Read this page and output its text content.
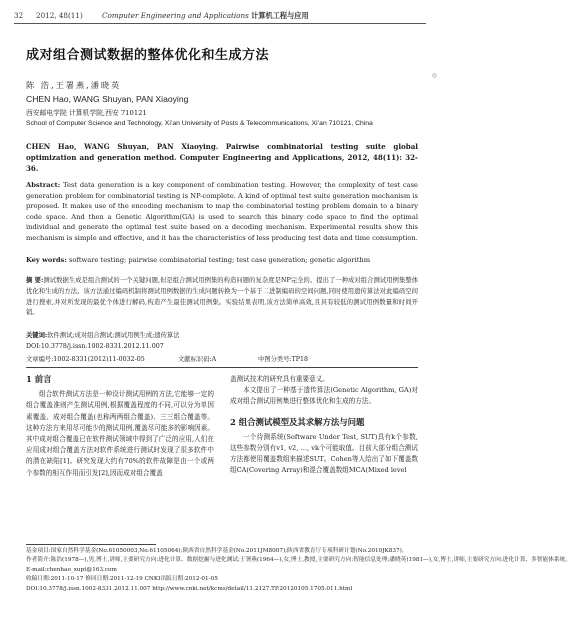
32 2012, 48(11)	Computer Engineering and Applications 计算机工程与应用
◎
成对组合测试数据的整体优化和生成方法
陈 浩,王署燕,潘晓英
CHEN Hao, WANG Shuyan, PAN Xiaoying
西安邮电学院 计算机学院,西安 710121
School of Computer Science and Technology, Xi’an University of Posts & Telecommunications, Xi’an 710121, China
CHEN Hao, WANG Shuyan, PAN Xiaoying. Pairwise combinatorial testing suite global optimization and generation method. Computer Engineering and Applications, 2012, 48(11): 32-36.
Abstract: Test data generation is a key component of combination testing. However, the complexity of test case generation problem for combinatorial testing is NP-complete. A kind of optimal test suite generation mechanism is proposed. It makes use of the encoding mechanism to map the combinatorial testing problem domain to a binary code space. And then a Genetic Algorithm(GA) is used to search this binary code space to find the optimal individual and generate the optimal test suite based on a decoding mechanism. Experimental results show this mechanism is simple and effective, and it has the characteristics of less producing test data and time consumption.
Key words: software testing; pairwise combinatorial testing; test case generation; genetic algorithm
摘 要:测试数据生成是组合测试的一个关键问题,但是组合测试用例集的构造问题的复杂度是NP完全的。提出了一种成对组合测试用例集整体优化和生成的方法。该方法通过编码机制将测试用例数据的生成问题转换为一个基于二进制编码的空间问题,同时使用遗传算法对此编码空间进行搜索,并对所发现的最优个体进行解码,构造产生最佳测试用例集。实验结果表明,该方法简单高效,且具有较低的测试用例数量和时间开销。
关键词:软件测试;成对组合测试;测试用例生成;遗传算法
DOI:10.3778/j.issn.1002-8331.2012.11.007
文章编号:1002-8331(2012)11-0032-05	文献标识码:A	中图分类号:TP18
1 前言

组合软件测试方法是一种设计测试用例的方法,它能够一定的组合覆盖准则产生测试用例,根据覆盖程度的不同,可以分为单因素覆盖、成对组合覆盖(也称两两组合覆盖)、三三组合覆盖等。这种方法方来用尽可能少的测试用例,覆盖尽可能多的影响因素。其中成对组合覆盖已在软件测试领域中得到了广泛的应用,人们在应用成对组合覆盖方法对软件系统进行测试时发现了很多软件中的潜在缺陷[1]。研究发现大约有70%的软件故障是由一个或两个参数的相互作用而引发[2],因而成对组合覆盖

盖测试技术的研究具有重要意义。

本文提出了一种基于遗传算法(Genetic Algorithm, GA)对成对组合测试用例集进行整体优化和生成的方法。

2 组合测试模型及其求解方法与问题

一个待测系统(Software Under Test, SUT)具有k个参数,这些参数分别有v1, v2, …, vk个可能取值。目前大部分组合测试方法都使用覆盖数组来描述SUT。Cohen等人给出了如下覆盖数组CA(Covering Array)和混合覆盖数组MCA(Mixed level

基金项目:国家自然科学基金(No.61050003,No.61105064);陕西省自然科学基金(No.2011JM8007);陕西省教育厅专项科研计划(No.2010JK837)。
作者简介:陈浩(1978—),男,博士,讲师,主要研究方向:进化计算、数据挖掘与进化测试;王署燕(1964—),女,博士,教授,主要研究方向:智能信息处理;潘晓英(1981—),女,博士,讲师,主要研究方向:进化计算、多智能体系统。
E-mail:chenhao_xupt@163.com
收稿日期:2011-10-17 修回日期:2011-12-19 CNKI出版日期:2012-01-05
DOI:10.3778/j.issn.1002-8331.2012.11.007 http://www.cnki.net/kcms/detail/11.2127.TP.20120105.1705.011.html
